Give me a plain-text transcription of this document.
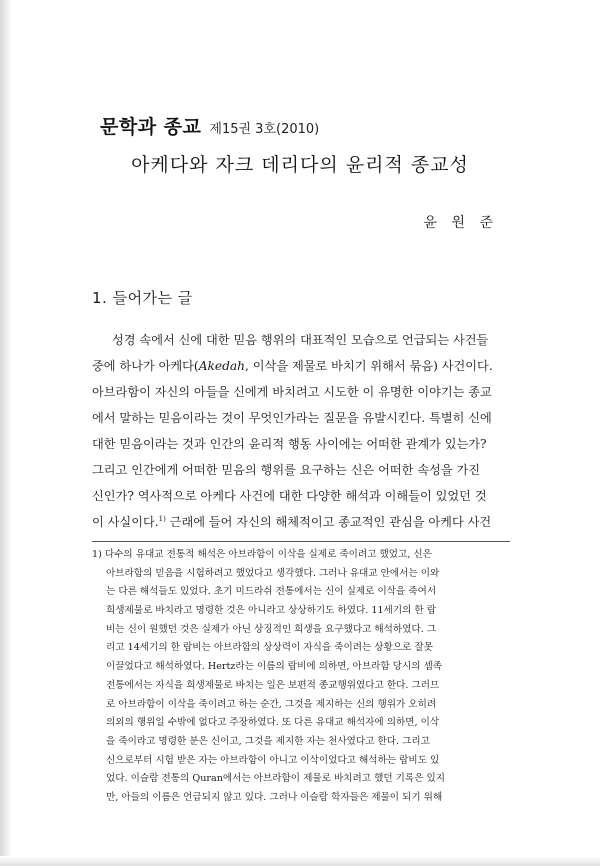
문학과 종교 제15권 3호(2010)
아케다와 자크 데리다의 윤리적 종교성
윤 원 준
1. 들어가는 글
성경 속에서 신에 대한 믿음 행위의 대표적인 모습으로 언급되는 사건들
중에 하나가 아케다(Akedah, 이삭을 제물로 바치기 위해서 묶음) 사건이다.
아브라함이 자신의 아들을 신에게 바치려고 시도한 이 유명한 이야기는 종교
에서 말하는 믿음이라는 것이 무엇인가라는 질문을 유발시킨다. 특별히 신에
대한 믿음이라는 것과 인간의 윤리적 행동 사이에는 어떠한 관계가 있는가?
그리고 인간에게 어떠한 믿음의 행위를 요구하는 신은 어떠한 속성을 가진
신인가? 역사적으로 아케다 사건에 대한 다양한 해석과 이해들이 있었던 것
이 사실이다.$^{1)}$ 근래에 들어 자신의 해체적이고 종교적인 관심을 아케다 사건
1) 다수의 유대교 전통적 해석은 아브라함이 이삭을 실제로 죽이려고 했었고, 신은
아브라함의 믿음을 시험하려고 했었다고 생각했다. 그러나 유대교 안에서는 이와
는 다른 해석들도 있었다. 초기 미드라쉬 전통에서는 신이 실제로 이삭을 죽여서
희생제물로 바치라고 명령한 것은 아니라고 상상하기도 하였다. 11세기의 한 랍
비는 신이 원했던 것은 실제가 아닌 상징적인 희생을 요구했다고 해석하였다. 그
리고 14세기의 한 랍비는 아브라함의 상상력이 자식을 죽이려는 상황으로 잘못
이끌었다고 해석하였다. Hertz라는 이름의 랍비에 의하면, 아브라함 당시의 셈족
전통에서는 자식을 희생제물로 바치는 일은 보편적 종교행위였다고 한다. 그러므
로 아브라함이 이삭을 죽이려고 하는 순간, 그것을 제지하는 신의 행위가 오히려
의외의 행위일 수밖에 없다고 주장하였다. 또 다른 유대교 해석자에 의하면, 이삭
을 죽이라고 명령한 분은 신이고, 그것을 제지한 자는 천사였다고 한다. 그리고
신으로부터 시험 받은 자는 아브라함이 아니고 이삭이었다고 해석하는 랍비도 있
었다. 이슬람 전통의 Quran에서는 아브라함이 제물로 바치려고 했던 기록은 있지
만, 아들의 이름은 언급되지 않고 있다. 그러나 이슬람 학자들은 제물이 되기 위해
